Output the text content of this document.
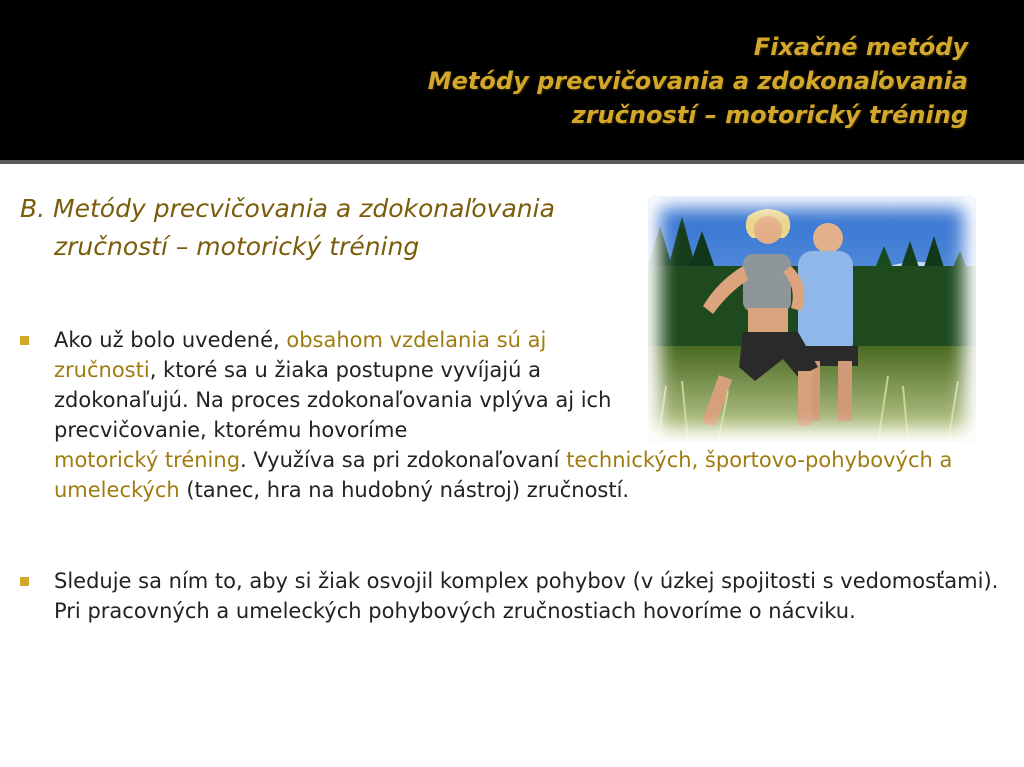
Fixačné metódy
Metódy precvičovania a zdokonaľovania
zručností – motorický tréning
B. Metódy precvičovania a zdokonaľovania zručností – motorický tréning
Ako už bolo uvedené, obsahom vzdelania sú aj zručnosti, ktoré sa u žiaka postupne vyvíjajú a zdokonaľujú. Na proces zdokonaľovania vplýva aj ich precvičovanie, ktorému hovoríme
motorický tréning. Využíva sa pri zdokonaľovaní technických, športovo-pohybových a umeleckých (tanec, hra na hudobný nástroj) zručností.
Sleduje sa ním to, aby si žiak osvojil komplex pohybov (v úzkej spojitosti s vedomosťami). Pri pracovných a umeleckých pohybových zručnostiach hovoríme o nácviku.
